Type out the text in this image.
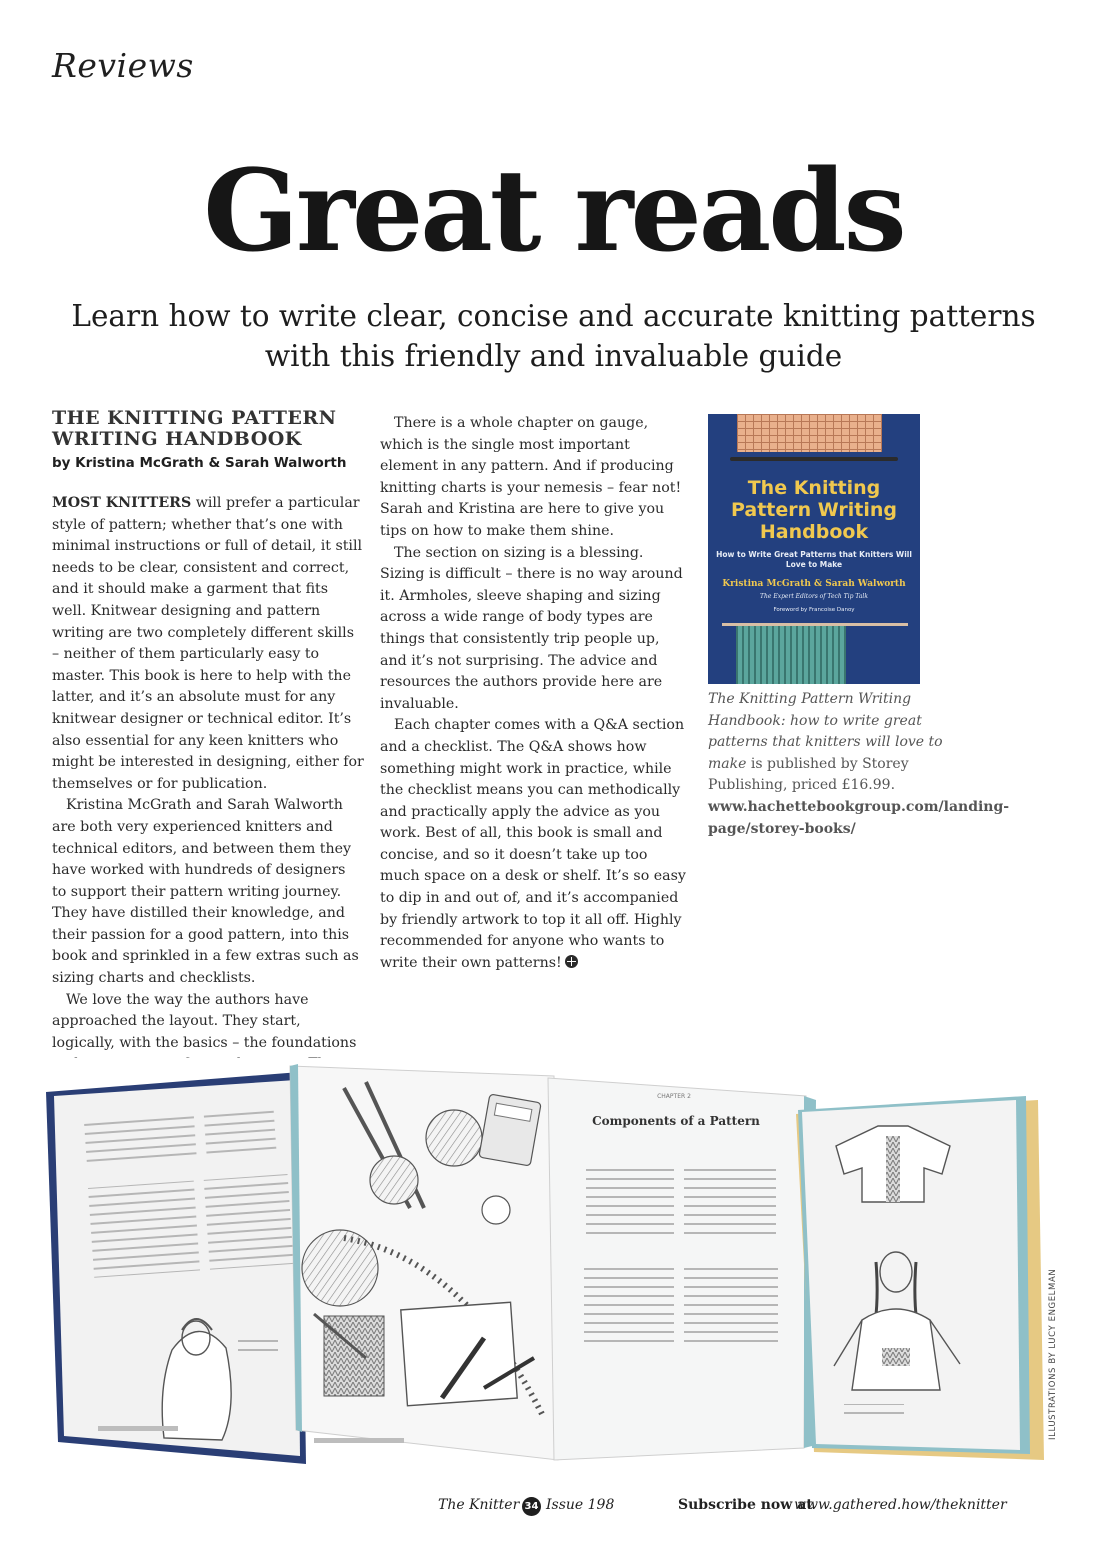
Reviews
Great reads
Learn how to write clear, concise and accurate knitting patterns with this friendly and invaluable guide
THE KNITTING PATTERN WRITING HANDBOOK
by Kristina McGrath & Sarah Walworth

MOST KNITTERS will prefer a particular style of pattern; whether that’s one with minimal instructions or full of detail, it still needs to be clear, consistent and correct, and it should make a garment that fits well. Knitwear designing and pattern writing are two completely different skills – neither of them particularly easy to master. This book is here to help with the latter, and it’s an absolute must for any knitwear designer or technical editor. It’s also essential for any keen knitters who might be interested in designing, either for themselves or for publication.

Kristina McGrath and Sarah Walworth are both very experienced knitters and technical editors, and between them they have worked with hundreds of designers to support their pattern writing journey. They have distilled their knowledge, and their passion for a good pattern, into this book and sprinkled in a few extras such as sizing charts and checklists.

We love the way the authors have approached the layout. They start, logically, with the basics – the foundations

There is a whole chapter on gauge, which is the single most important element in any pattern. And if producing knitting charts is your nemesis – fear not! Sarah and Kristina are here to give you tips on how to make them shine.

The section on sizing is a blessing. Sizing is difficult – there is no way around it. Armholes, sleeve shaping and sizing across a wide range of body types are things that consistently trip people up, and it’s not surprising. The advice and resources the authors provide here are invaluable.

Each chapter comes with a Q&A section and a checklist. The Q&A shows how something might work in practice, while the checklist means you can methodically and practically apply the advice as you work. Best of all, this book is small and concise, and so it doesn’t take up too much space on a desk or shelf. It’s so easy to dip in and out of, and it’s accompanied by friendly artwork to top it all off. Highly recommended for anyone who wants to write their own patterns!

The Knitting Pattern Writing Handbook
How to Write Great Patterns that Knitters Will Love to Make
Kristina McGrath & Sarah Walworth
The Expert Editors of Tech Tip Talk
Foreword by Francoise Danoy
The Knitting Pattern Writing Handbook: how to write great patterns that knitters will love to make is published by Storey Publishing, priced £16.99.
www.hachettebookgroup.com/landing-page/storey-books/
CHAPTER 2
Components of a Pattern
ILLUSTRATIONS BY LUCY ENGELMAN
The Knitter 34 Issue 198	Subscribe now at
www.gathered.how/theknitter
